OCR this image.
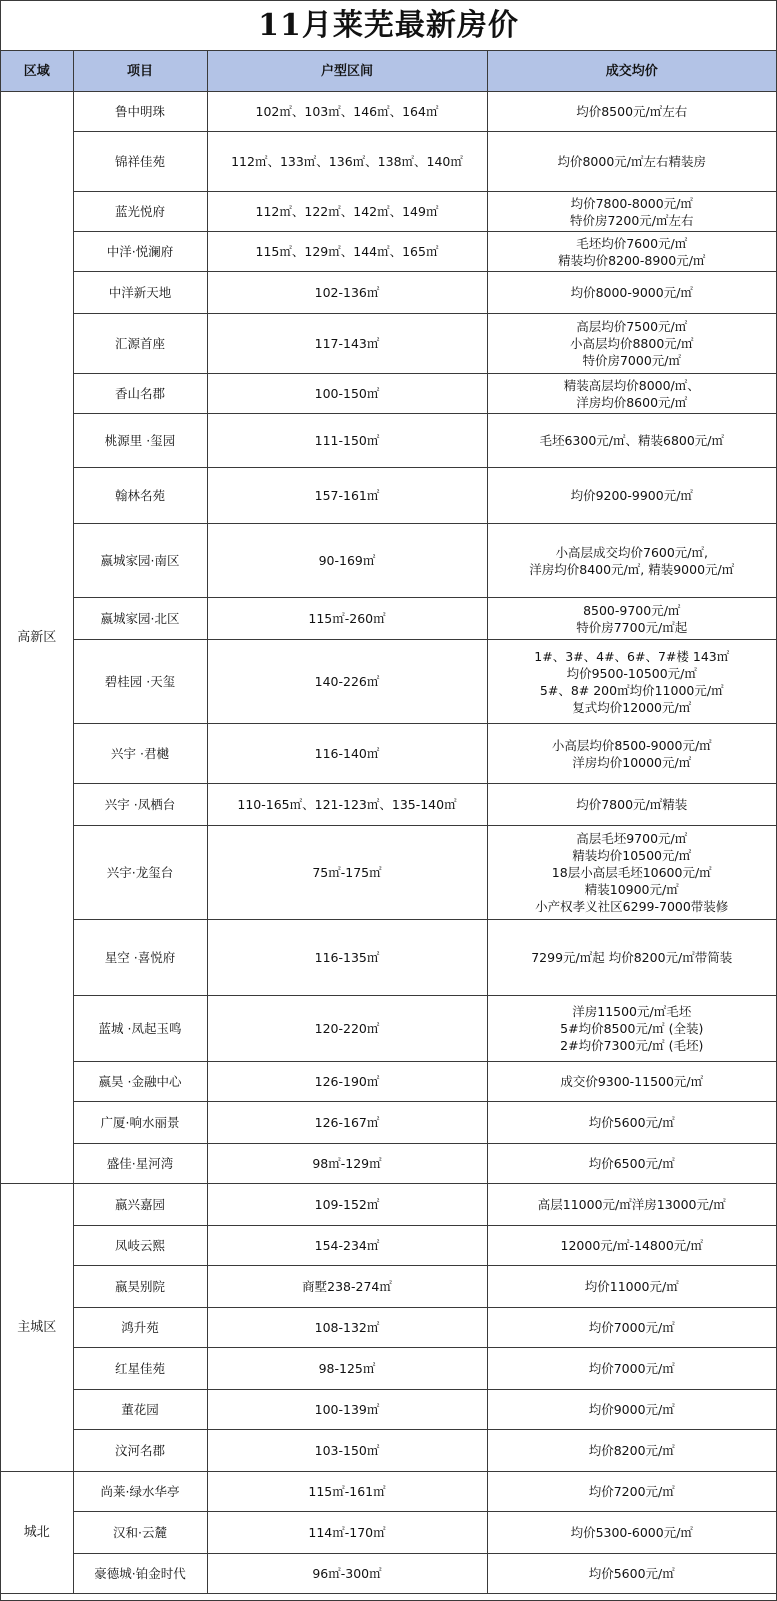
11月莱芜最新房价
区域	项目	户型区间	成交均价
高新区	鲁中明珠	102㎡、103㎡、146㎡、164㎡	均价8500元/㎡左右

	锦祥佳苑	112㎡、133㎡、136㎡、138㎡、140㎡	均价8000元/㎡左右精装房

	蓝光悦府	112㎡、122㎡、142㎡、149㎡	均价7800-8000元/㎡
特价房7200元/㎡左右

	中洋·悦澜府	115㎡、129㎡、144㎡、165㎡	毛坯均价7600元/㎡
精装均价8200-8900元/㎡

	中洋新天地	102-136㎡	均价8000-9000元/㎡

	汇源首座	117-143㎡	高层均价7500元/㎡
小高层均价8800元/㎡
特价房7000元/㎡

	香山名郡	100-150㎡	精装高层均价8000/㎡、
洋房均价8600元/㎡

	桃源里 ·玺园	111-150㎡	毛坯6300元/㎡、精装6800元/㎡

	翰林名苑	157-161㎡	均价9200-9900元/㎡

	嬴城家园·南区	90-169㎡	小高层成交均价7600元/㎡,
洋房均价8400元/㎡, 精装9000元/㎡

	嬴城家园·北区	115㎡-260㎡	8500-9700元/㎡
特价房7700元/㎡起

	碧桂园 ·天玺	140-226㎡	1#、3#、4#、6#、7#楼 143㎡
均价9500-10500元/㎡
5#、8# 200㎡均价11000元/㎡
复式均价12000元/㎡

	兴宇 ·君樾	116-140㎡	小高层均价8500-9000元/㎡
洋房均价10000元/㎡

	兴宇 ·凤栖台	110-165㎡、121-123㎡、135-140㎡	均价7800元/㎡精装

	兴宇·龙玺台	75㎡-175㎡	高层毛坯9700元/㎡
精装均价10500元/㎡
18层小高层毛坯10600元/㎡
精装10900元/㎡
小产权孝义社区6299-7000带装修

	星空 ·喜悦府	116-135㎡	7299元/㎡起 均价8200元/㎡带简装

	蓝城 ·凤起玉鸣	120-220㎡	洋房11500元/㎡毛坯
5#均价8500元/㎡ (全装)
2#均价7300元/㎡ (毛坯)

	嬴昊 ·金融中心	126-190㎡	成交价9300-11500元/㎡

	广厦·响水丽景	126-167㎡	均价5600元/㎡

	盛佳·星河湾	98㎡-129㎡	均价6500元/㎡

主城区	嬴兴嘉园	109-152㎡	高层11000元/㎡洋房13000元/㎡

	凤岐云熙	154-234㎡	12000元/㎡-14800元/㎡

	嬴昊别院	商墅238-274㎡	均价11000元/㎡

	鸿升苑	108-132㎡	均价7000元/㎡

	红星佳苑	98-125㎡	均价7000元/㎡

	董花园	100-139㎡	均价9000元/㎡

	汶河名郡	103-150㎡	均价8200元/㎡

城北	尚莱·绿水华亭	115㎡-161㎡	均价7200元/㎡

	汉和·云麓	114㎡-170㎡	均价5300-6000元/㎡

	豪德城·铂金时代	96㎡-300㎡	均价5600元/㎡
